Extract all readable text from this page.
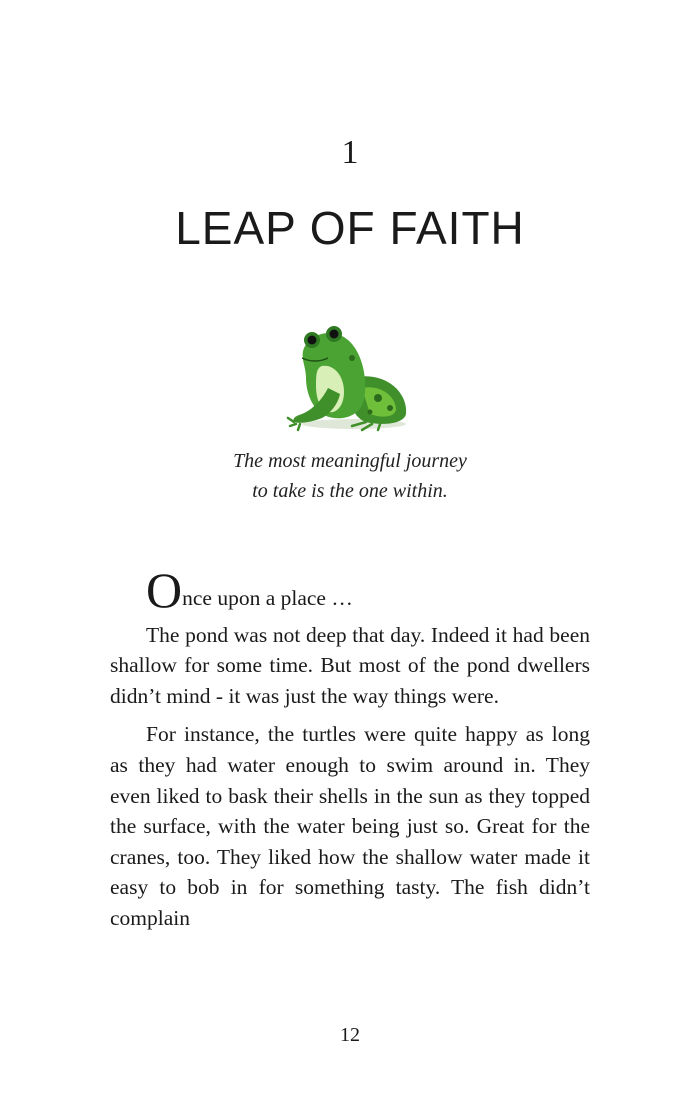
1
LEAP OF FAITH
The most meaningful journey
to take is the one within.

Once upon a place …

The pond was not deep that day. Indeed it had been shallow for some time. But most of the pond dwellers didn’t mind - it was just the way things were.

For instance, the turtles were quite happy as long as they had water enough to swim around in. They even liked to bask their shells in the sun as they topped the surface, with the water being just so. Great for the cranes, too. They liked how the shallow water made it easy to bob in for something tasty. The fish didn’t complain

12
